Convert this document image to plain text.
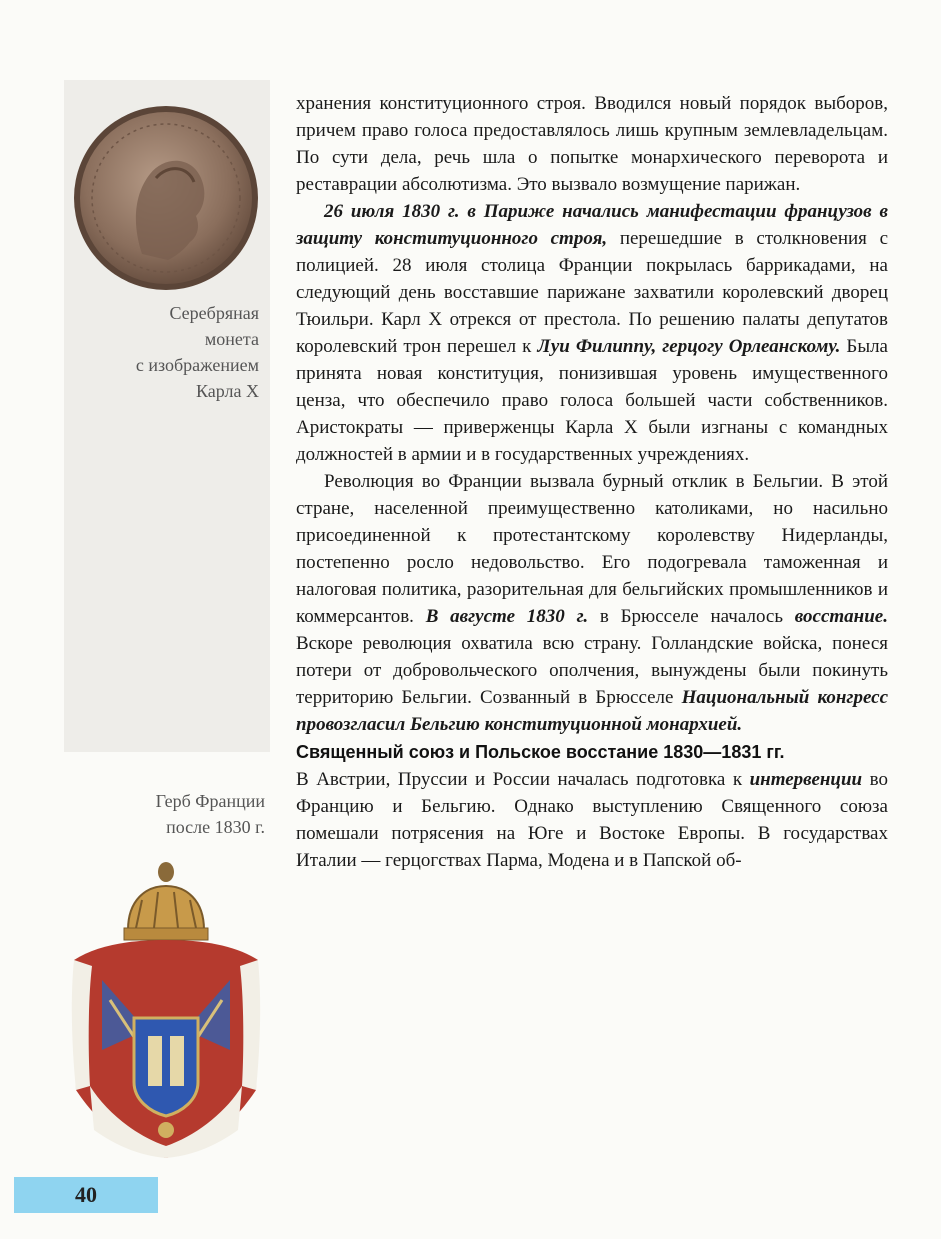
Серебряная
монета
с изображением
Карла X
Герб Франции
после 1830 г.

хранения конституционного строя. Вводился новый порядок выборов, причем право голоса предоставлялось лишь крупным землевладельцам. По сути дела, речь шла о попытке монархического переворота и реставрации абсолютизма. Это вызвало возмущение парижан.

26 июля 1830 г. в Париже начались манифестации французов в защиту конституционного строя, перешедшие в столкновения с полицией. 28 июля столица Франции покрылась баррикадами, на следующий день восставшие парижане захватили королевский дворец Тюильри. Карл X отрекся от престола. По решению палаты депутатов королевский трон перешел к Луи Филиппу, герцогу Орлеанскому. Была принята новая конституция, понизившая уровень имущественного ценза, что обеспечило право голоса большей части собственников. Аристократы — приверженцы Карла X были изгнаны с командных должностей в армии и в государственных учреждениях.

Революция во Франции вызвала бурный отклик в Бельгии. В этой стране, населенной преимущественно католиками, но насильно присоединенной к протестантскому королевству Нидерланды, постепенно росло недовольство. Его подогревала таможенная и налоговая политика, разорительная для бельгийских промышленников и коммерсантов. В августе 1830 г. в Брюсселе началось восстание. Вскоре революция охватила всю страну. Голландские войска, понеся потери от добровольческого ополчения, вынуждены были покинуть территорию Бельгии. Созванный в Брюсселе Национальный конгресс провозгласил Бельгию конституционной монархией.

Священный союз и Польское восстание 1830—1831 гг.

В Австрии, Пруссии и России началась подготовка к интервенции во Францию и Бельгию. Однако выступлению Священного союза помешали потрясения на Юге и Востоке Европы. В государствах Италии — герцогствах Парма, Модена и в Папской об-

40
